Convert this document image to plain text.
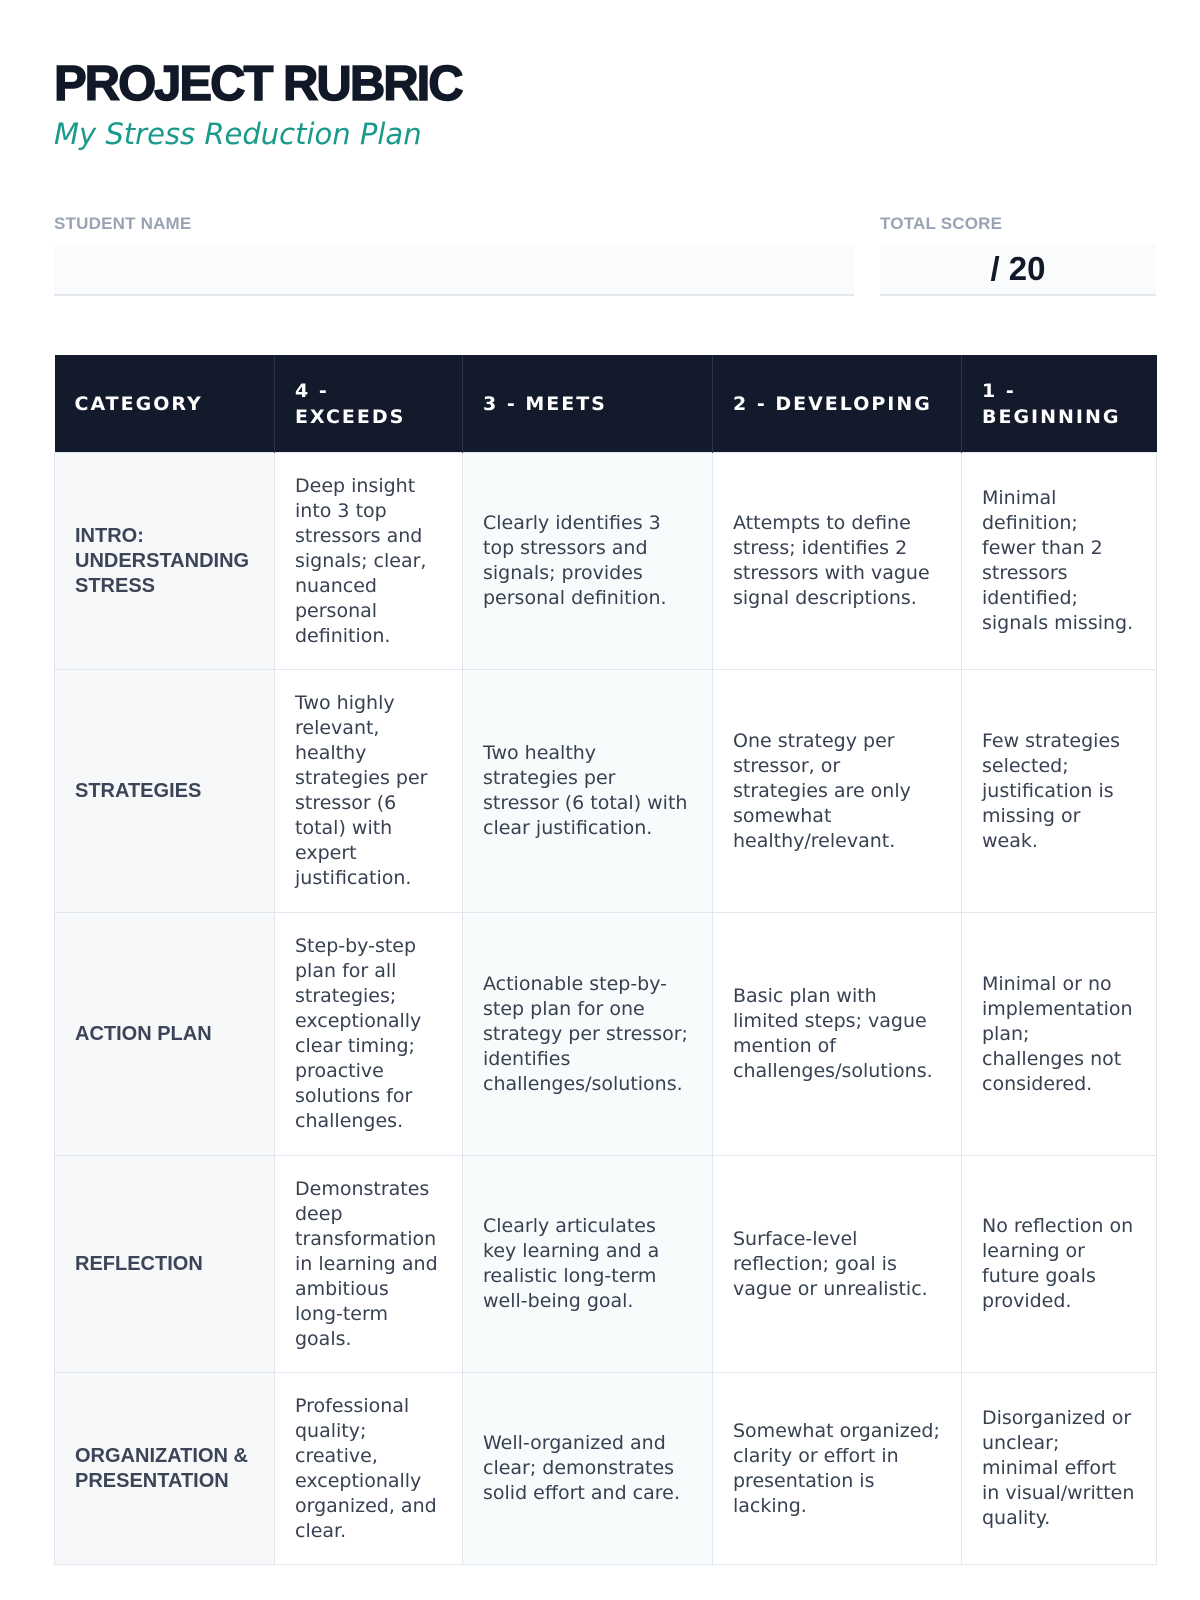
PROJECT RUBRIC
My Stress Reduction Plan
STUDENT NAME	TOTAL SCORE
/ 20
CATEGORY	4 - EXCEEDS	3 - MEETS	2 - DEVELOPING	1 - BEGINNING
INTRO: UNDERSTANDING STRESS	Deep insight into 3 top stressors and signals; clear, nuanced personal definition.	Clearly identifies 3 top stressors and signals; provides personal definition.	Attempts to define stress; identifies 2 stressors with vague signal descriptions.	Minimal definition; fewer than 2 stressors identified; signals missing.
STRATEGIES	Two highly relevant, healthy strategies per stressor (6 total) with expert justification.	Two healthy strategies per stressor (6 total) with clear justification.	One strategy per stressor, or strategies are only somewhat healthy/relevant.	Few strategies selected; justification is missing or weak.
ACTION PLAN	Step-by-step plan for all strategies; exceptionally clear timing; proactive solutions for challenges.	Actionable step-by-step plan for one strategy per stressor; identifies challenges/solutions.	Basic plan with limited steps; vague mention of challenges/solutions.	Minimal or no implementation plan; challenges not considered.
REFLECTION	Demonstrates deep transformation in learning and ambitious long-term goals.	Clearly articulates key learning and a realistic long-term well-being goal.	Surface-level reflection; goal is vague or unrealistic.	No reflection on learning or future goals provided.
ORGANIZATION & PRESENTATION	Professional quality; creative, exceptionally organized, and clear.	Well-organized and clear; demonstrates solid effort and care.	Somewhat organized; clarity or effort in presentation is lacking.	Disorganized or unclear; minimal effort in visual/written quality.
